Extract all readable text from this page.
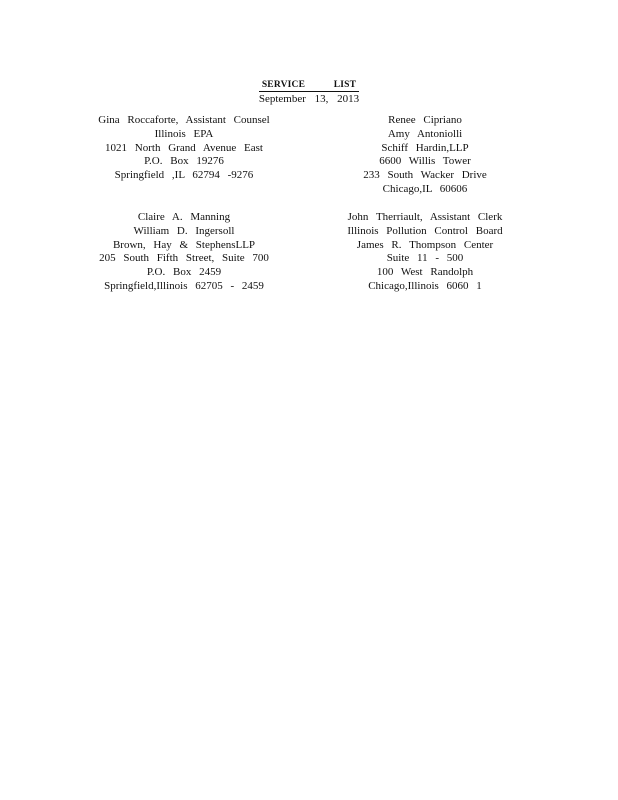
SERVICE LIST
September 13, 2013
Gina Roccaforte, Assistant Counsel
Illinois EPA
1021 North Grand Avenue East
P.O. Box 19276
Springfield ,IL 62794 -9276
Renee Cipriano
Amy Antoniolli
Schiff Hardin,LLP
6600 Willis Tower
233 South Wacker Drive
Chicago,IL 60606
Claire A. Manning
William D. Ingersoll
Brown, Hay & StephensLLP
205 South Fifth Street, Suite 700
P.O. Box 2459
Springfield,Illinois 62705 - 2459
John Therriault, Assistant Clerk
Illinois Pollution Control Board
James R. Thompson Center
Suite 11 - 500
100 West Randolph
Chicago,Illinois 6060 1
